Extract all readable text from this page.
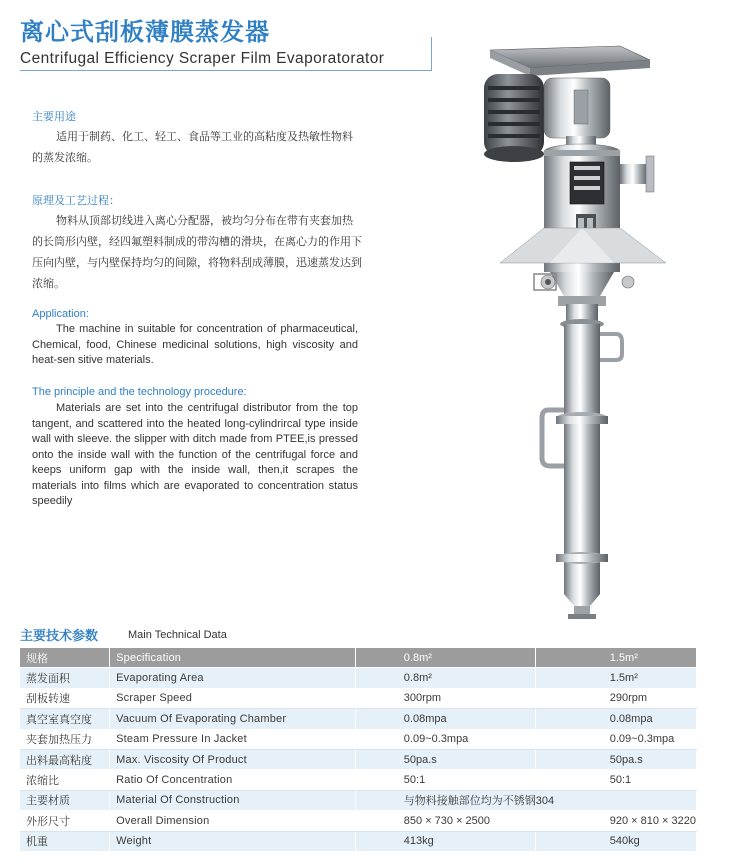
离心式刮板薄膜蒸发器
Centrifugal Efficiency Scraper Film Evaporatorator
主要用途
适用于制药、化工、轻工、食品等工业的高粘度及热敏性物料的蒸发浓缩。
原理及工艺过程：
物料从顶部切线进入离心分配器，被均匀分布在带有夹套加热的长筒形内壁，经四氟塑料制成的带沟槽的滑块，在离心力的作用下压向内壁，与内壁保持均匀的间隙，将物料刮成薄膜，迅速蒸发达到浓缩。
Application:
The machine in suitable for concentration of pharmaceutical, Chemical, food, Chinese medicinal solutions, high viscosity and heat-sen sitive materials.
The principle and the technology procedure:
Materials are set into the centrifugal distributor from the top tangent, and scattered into the heated long-cylindrircal type inside wall with sleeve. the slipper with ditch made from PTEE,is pressed onto the inside wall with the function of the centrifugal force and keeps uniform gap with the inside wall, then,it scrapes the materials into films which are evaporated to concentration status speedily
主要技术参数	Main Technical Data
规格	Specification	0.8m²	1.5m²
蒸发面积	Evaporating Area	0.8m²	1.5m²
刮板转速	Scraper Speed	300rpm	290rpm
真空室真空度	Vacuum Of Evaporating Chamber	0.08mpa	0.08mpa
夹套加热压力	Steam Pressure In Jacket	0.09~0.3mpa	0.09~0.3mpa
出料最高粘度	Max. Viscosity Of Product	50pa.s	50pa.s
浓缩比	Ratio Of Concentration	50:1	50:1
主要材质	Material Of Construction	与物料接触部位均为不锈钢304	
外形尺寸	Overall Dimension	850 × 730 × 2500	920 × 810 × 3220
机重	Weight	413kg	540kg
